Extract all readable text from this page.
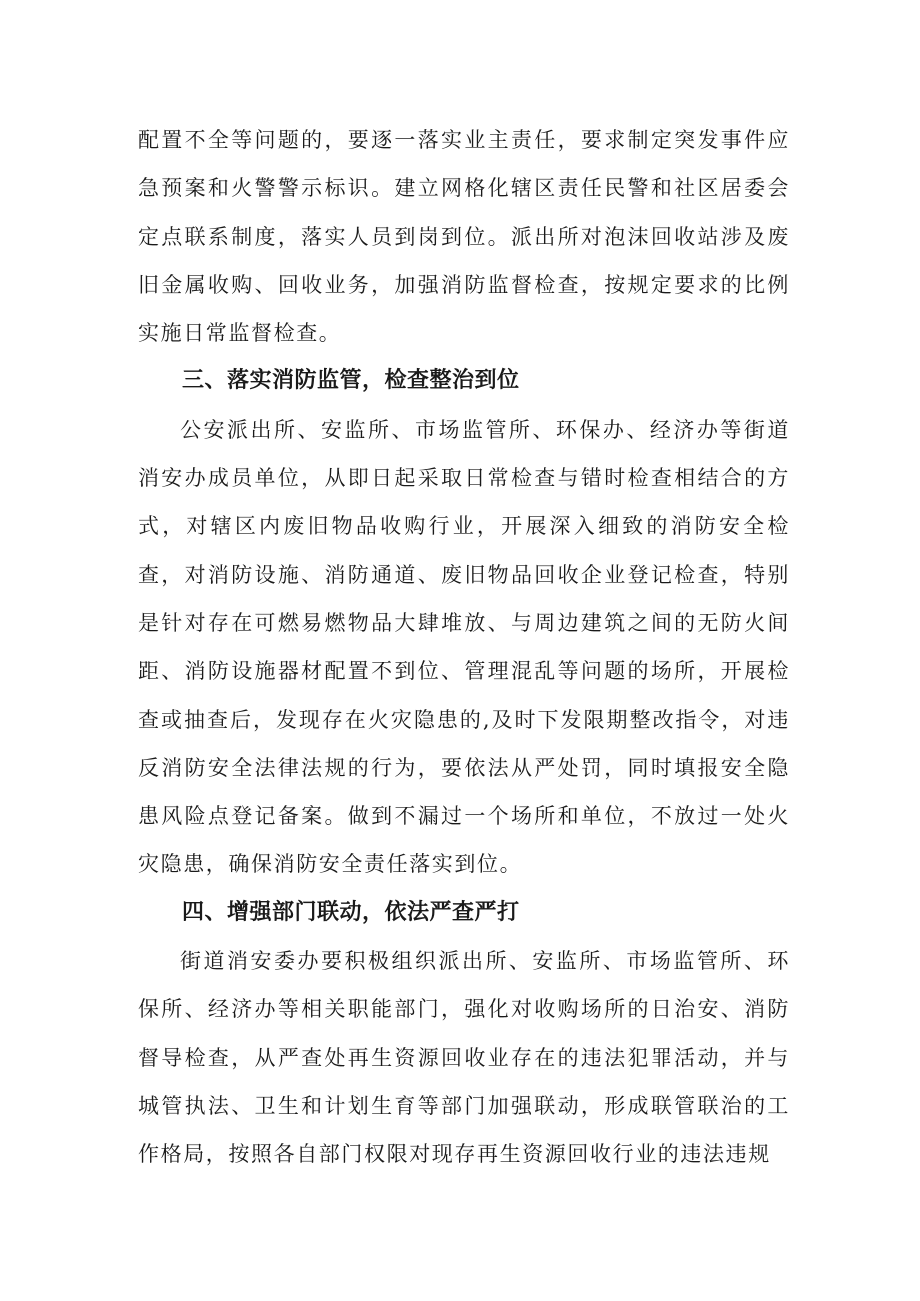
配置不全等问题的，要逐一落实业主责任，要求制定突发事件应急预案和火警警示标识。建立网格化辖区责任民警和社区居委会定点联系制度，落实人员到岗到位。派出所对泡沫回收站涉及废旧金属收购、回收业务，加强消防监督检查，按规定要求的比例实施日常监督检查。

三、落实消防监管，检查整治到位

公安派出所、安监所、市场监管所、环保办、经济办等街道消安办成员单位，从即日起采取日常检查与错时检查相结合的方式，对辖区内废旧物品收购行业，开展深入细致的消防安全检查，对消防设施、消防通道、废旧物品回收企业登记检查，特别是针对存在可燃易燃物品大肆堆放、与周边建筑之间的无防火间距、消防设施器材配置不到位、管理混乱等问题的场所，开展检查或抽查后，发现存在火灾隐患的,及时下发限期整改指令，对违反消防安全法律法规的行为，要依法从严处罚，同时填报安全隐患风险点登记备案。做到不漏过一个场所和单位，不放过一处火灾隐患，确保消防安全责任落实到位。

四、增强部门联动，依法严查严打

街道消安委办要积极组织派出所、安监所、市场监管所、环保所、经济办等相关职能部门，强化对收购场所的日治安、消防督导检查，从严查处再生资源回收业存在的违法犯罪活动，并与城管执法、卫生和计划生育等部门加强联动，形成联管联治的工作格局，按照各自部门权限对现存再生资源回收行业的违法违规
